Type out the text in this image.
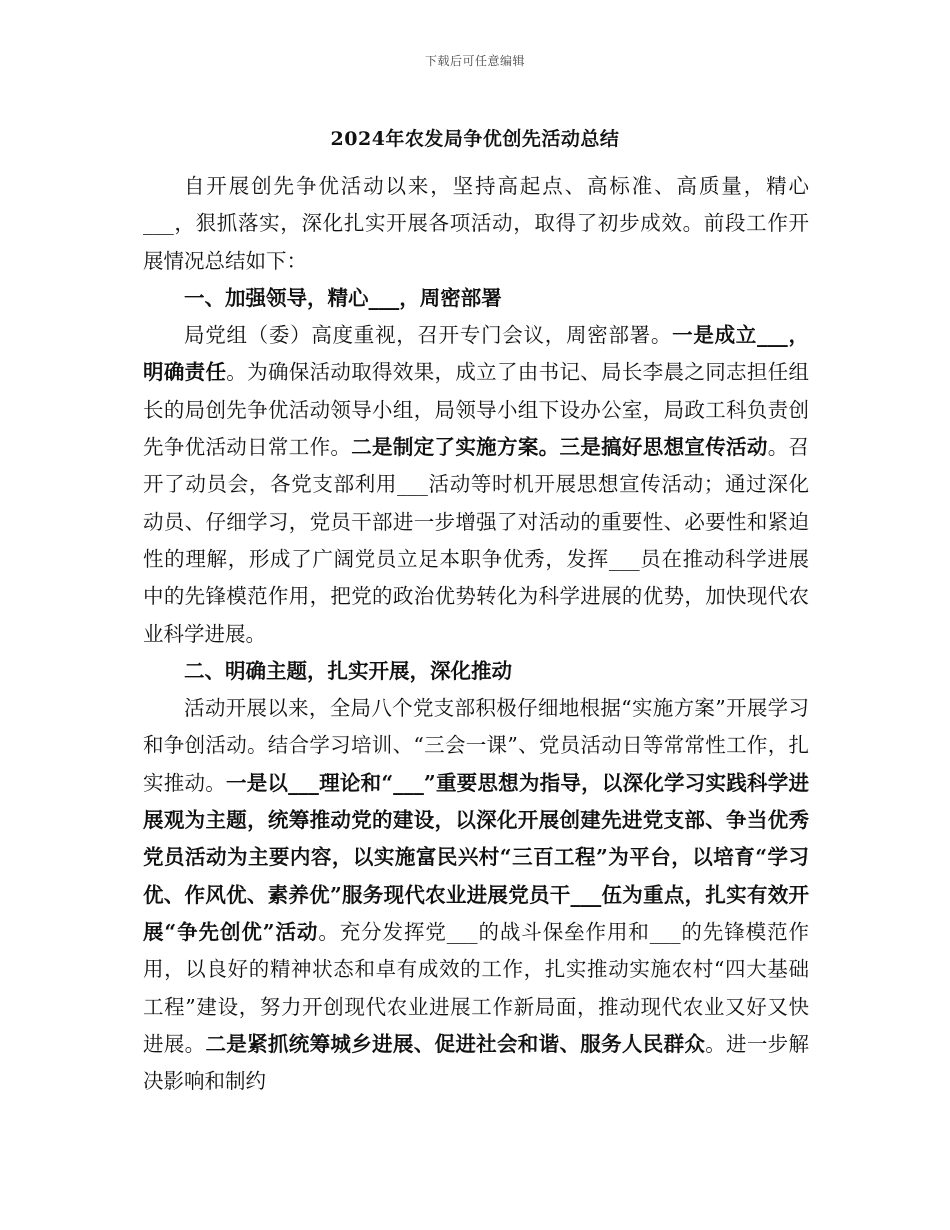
下载后可任意编辑
2024年农发局争优创先活动总结

自开展创先争优活动以来，坚持高起点、高标准、高质量，精心___，狠抓落实，深化扎实开展各项活动，取得了初步成效。前段工作开展情况总结如下：

一、加强领导，精心___，周密部署

局党组（委）高度重视，召开专门会议，周密部署。一是成立___，明确责任。为确保活动取得效果，成立了由书记、局长李晨之同志担任组长的局创先争优活动领导小组，局领导小组下设办公室，局政工科负责创先争优活动日常工作。二是制定了实施方案。三是搞好思想宣传活动。召开了动员会，各党支部利用___活动等时机开展思想宣传活动；通过深化动员、仔细学习，党员干部进一步增强了对活动的重要性、必要性和紧迫性的理解，形成了广阔党员立足本职争优秀，发挥___员在推动科学进展中的先锋模范作用，把党的政治优势转化为科学进展的优势，加快现代农业科学进展。

二、明确主题，扎实开展，深化推动

活动开展以来，全局八个党支部积极仔细地根据“实施方案”开展学习和争创活动。结合学习培训、“三会一课”、党员活动日等常常性工作，扎实推动。一是以___理论和“___”重要思想为指导，以深化学习实践科学进展观为主题，统筹推动党的建设，以深化开展创建先进党支部、争当优秀党员活动为主要内容，以实施富民兴村“三百工程”为平台，以培育“学习优、作风优、素养优”服务现代农业进展党员干___伍为重点，扎实有效开展“争先创优”活动。充分发挥党___的战斗保垒作用和___的先锋模范作用，以良好的精神状态和卓有成效的工作，扎实推动实施农村“四大基础工程”建设，努力开创现代农业进展工作新局面，推动现代农业又好又快进展。二是紧抓统筹城乡进展、促进社会和谐、服务人民群众。进一步解决影响和制约
